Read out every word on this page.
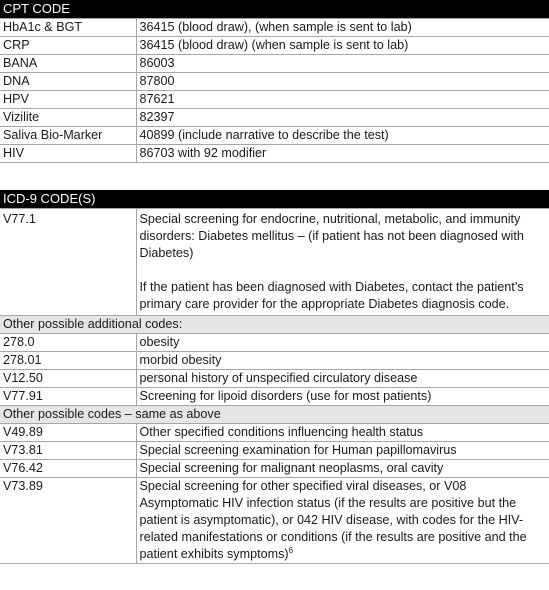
CPT CODE	
HbA1c & BGT	36415 (blood draw), (when sample is sent to lab)
CRP	36415 (blood draw) (when sample is sent to lab)
BANA	86003
DNA	87800
HPV	87621
Vizilite	82397
Saliva Bio-Marker	40899 (include narrative to describe the test)
HIV	86703 with 92 modifier
ICD-9 CODE(S)	
V77.1	Special screening for endocrine, nutritional, metabolic, and immunity disorders: Diabetes mellitus – (if patient has not been diagnosed with Diabetes)

If the patient has been diagnosed with Diabetes, contact the patient’s primary care provider for the appropriate Diabetes diagnosis code.

Other possible additional codes:	
278.0	obesity
278.01	morbid obesity
V12.50	personal history of unspecified circulatory disease
V77.91	Screening for lipoid disorders (use for most patients)
Other possible codes – same as above	
V49.89	Other specified conditions influencing health status
V73.81	Special screening examination for Human papillomavirus
V76.42	Special screening for malignant neoplasms, oral cavity
V73.89	Special screening for other specified viral diseases, or V08 Asymptomatic HIV infection status (if the results are positive but the patient is asymptomatic), or 042 HIV disease, with codes for the HIV-related manifestations or conditions (if the results are positive and the patient exhibits symptoms)$^6$
